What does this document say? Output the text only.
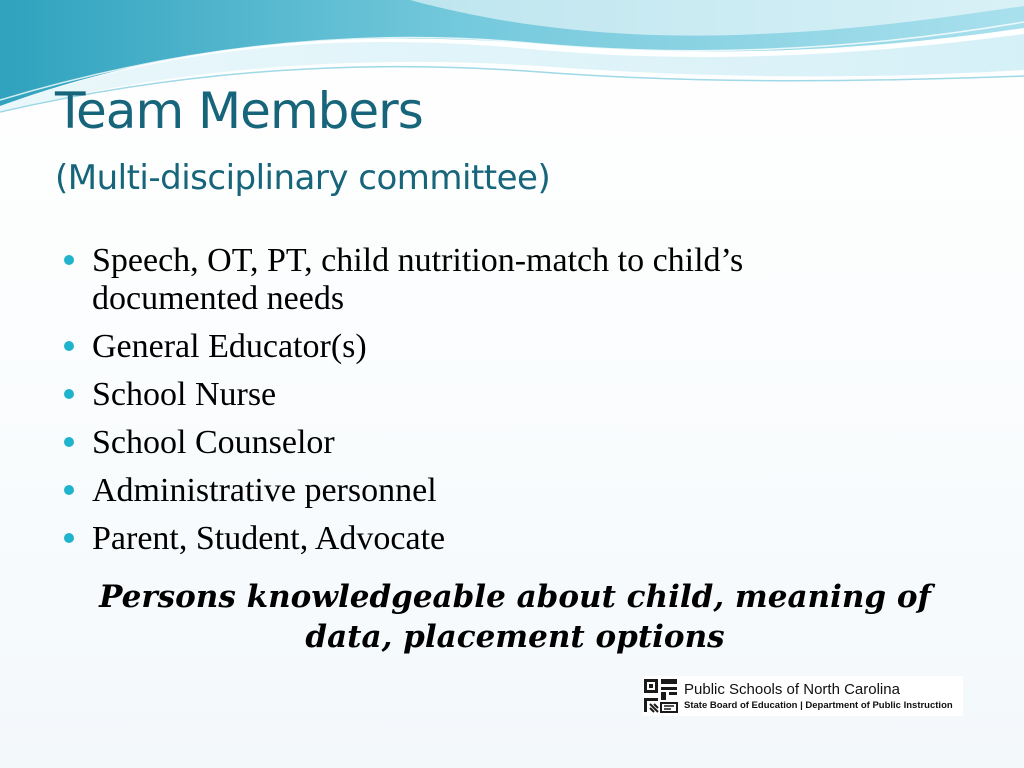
Team Members
(Multi-disciplinary committee)
Speech, OT, PT, child nutrition-match to child’s documented needs
General Educator(s)
School Nurse
School Counselor
Administrative personnel
Parent, Student, Advocate

Persons knowledgeable about child, meaning of data, placement options

Public Schools of North Carolina
State Board of Education | Department of Public Instruction
